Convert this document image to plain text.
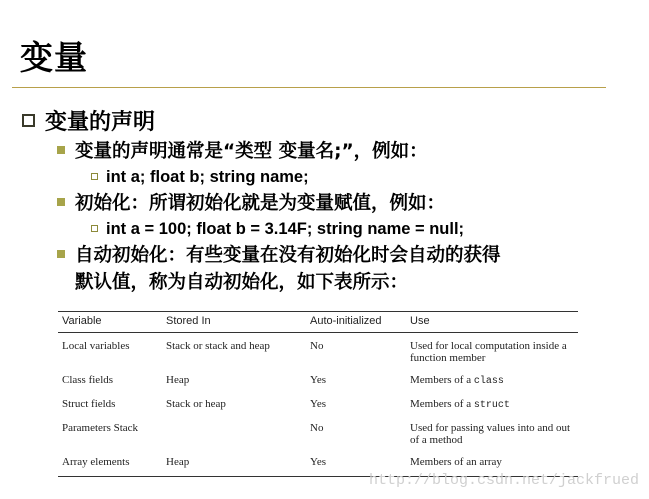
变量
变量的声明
变量的声明通常是“类型 变量名;”，例如：
int a; float b; string name;
初始化：所谓初始化就是为变量赋值，例如：
int a = 100; float b = 3.14F; string name = null;
自动初始化：有些变量在没有初始化时会自动的获得
默认值，称为自动初始化，如下表所示：
Variable	Stored In	Auto-initialized	Use
Local variables	Stack or stack and heap	No	Used for local computation inside a function member
Class fields	Heap	Yes	Members of a class
Struct fields	Stack or heap	Yes	Members of a struct
Parameters Stack		No	Used for passing values into and out of a method
Array elements	Heap	Yes	Members of an array
http://blog.csdn.net/jackfrued
